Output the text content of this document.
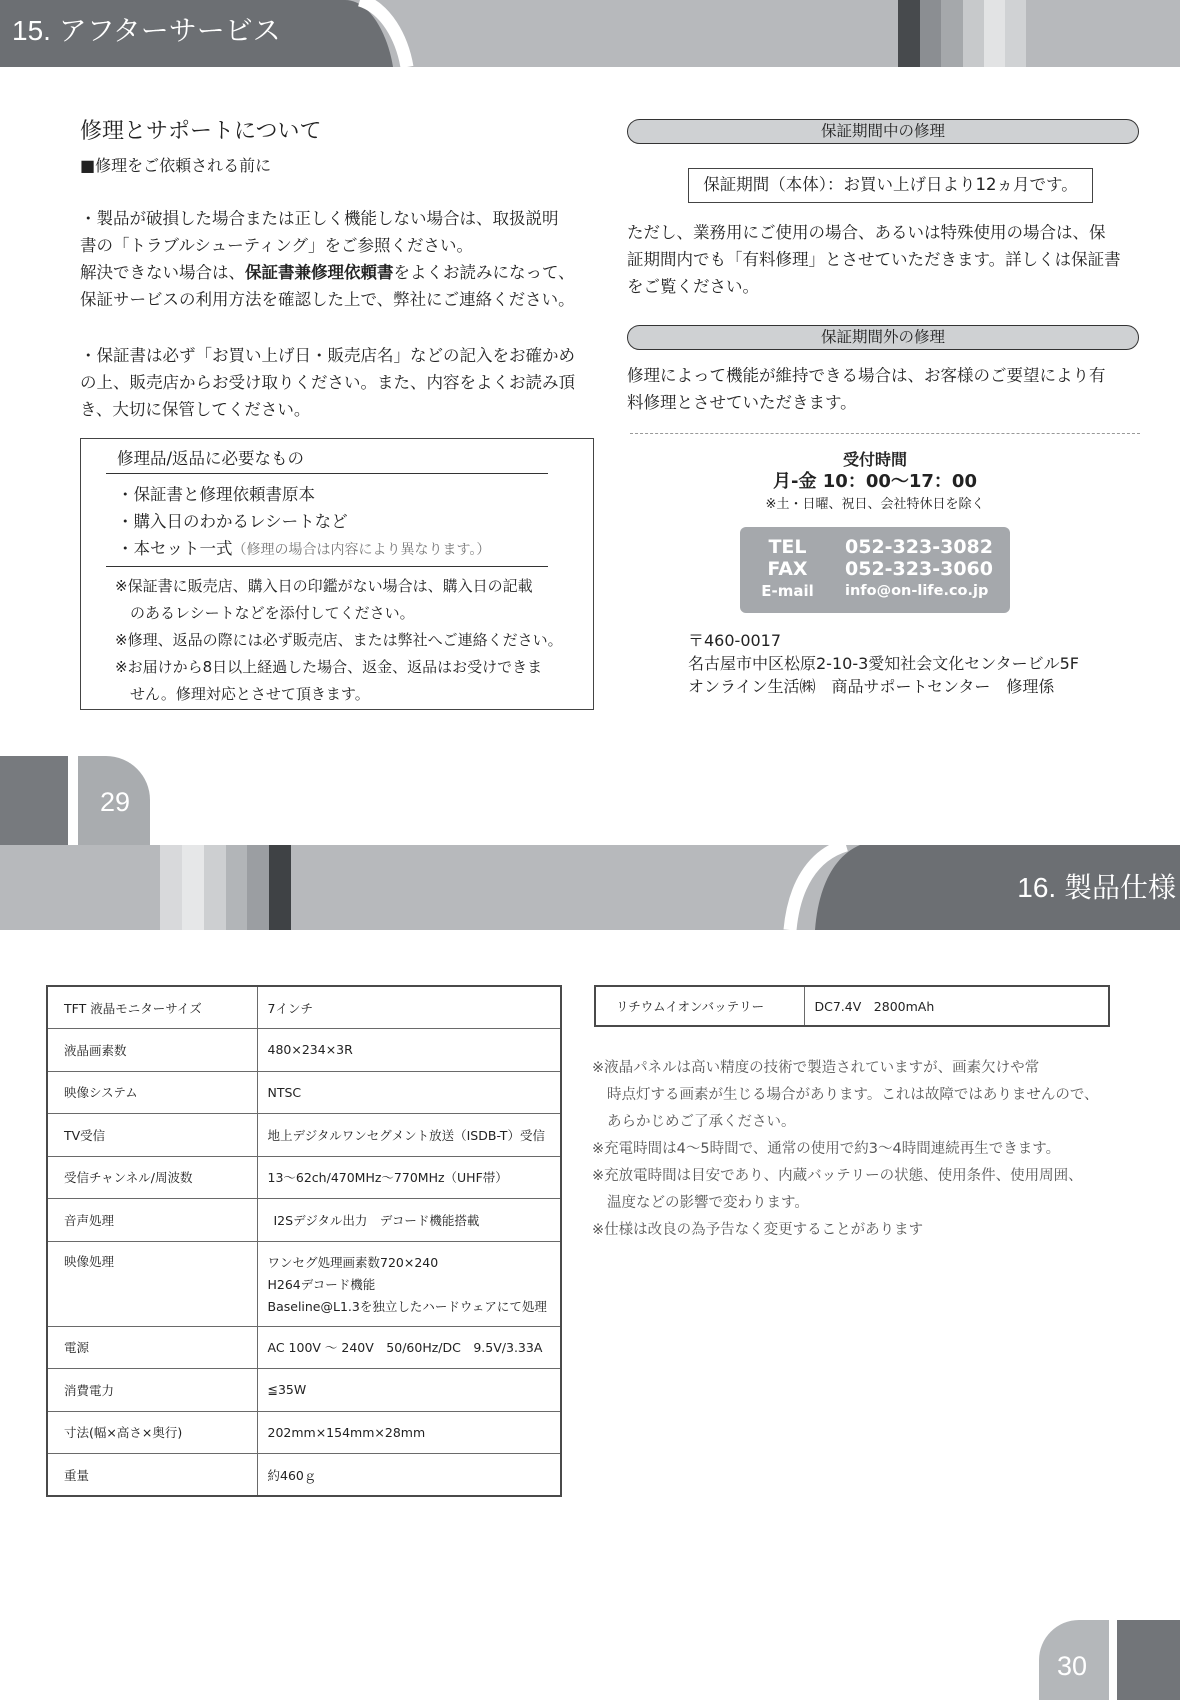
15. アフターサービス
修理とサポートについて
■修理をご依頼される前に
・製品が破損した場合または正しく機能しない場合は、取扱説明
書の「トラブルシューティング」をご参照ください。
解決できない場合は、保証書兼修理依頼書をよくお読みになって、
保証サービスの利用方法を確認した上で、弊社にご連絡ください。
・保証書は必ず「お買い上げ日・販売店名」などの記入をお確かめ
の上、販売店からお受け取りください。また、内容をよくお読み頂
き、大切に保管してください。
修理品/返品に必要なもの
・保証書と修理依頼書原本
・購入日のわかるレシートなど
・本セット一式（修理の場合は内容により異なります。）
※保証書に販売店、購入日の印鑑がない場合は、購入日の記載
のあるレシートなどを添付してください。
※修理、返品の際には必ず販売店、または弊社へご連絡ください。
※お届けから8日以上経過した場合、返金、返品はお受けできま
せん。修理対応とさせて頂きます。
保証期間中の修理
保証期間（本体）：お買い上げ日より12ヵ月です。
ただし、業務用にご使用の場合、あるいは特殊使用の場合は、保
証期間内でも「有料修理」とさせていただきます。詳しくは保証書
をご覧ください。
保証期間外の修理
修理によって機能が維持できる場合は、お客様のご要望により有
料修理とさせていただきます。
受付時間
月-金 10：00～17：00
※土・日曜、祝日、会社特休日を除く
TEL	052-323-3082
FAX	052-323-3060
E-mail	info@on-life.co.jp
〒460-0017
名古屋市中区松原2-10-3愛知社会文化センタービル5F
オンライン生活㈱　商品サポートセンター　修理係
29
16. 製品仕様
TFT 液晶モニターサイズ	7インチ
液晶画素数	480×234×3R
映像システム	NTSC
TV受信	地上デジタルワンセグメント放送（ISDB-T）受信
受信チャンネル/周波数	13～62ch/470MHz～770MHz（UHF帯）
音声処理	I2Sデジタル出力　デコード機能搭載
映像処理	ワンセグ処理画素数720×240
H264デコード機能
Baseline@L1.3を独立したハードウェアにて処理

電源	AC 100V ～ 240V　50/60Hz/DC　9.5V/3.33A
消費電力	≦35W
寸法(幅×高さ×奥行)	202mm×154mm×28mm
重量	約460ｇ
リチウムイオンバッテリー	DC7.4V　2800mAh
※液晶パネルは高い精度の技術で製造されていますが、画素欠けや常
時点灯する画素が生じる場合があります。これは故障ではありませんので、
あらかじめご了承ください。
※充電時間は4～5時間で、通常の使用で約3～4時間連続再生できます。
※充放電時間は目安であり、内蔵バッテリーの状態、使用条件、使用周囲、
温度などの影響で変わります。
※仕様は改良の為予告なく変更することがあります
30
